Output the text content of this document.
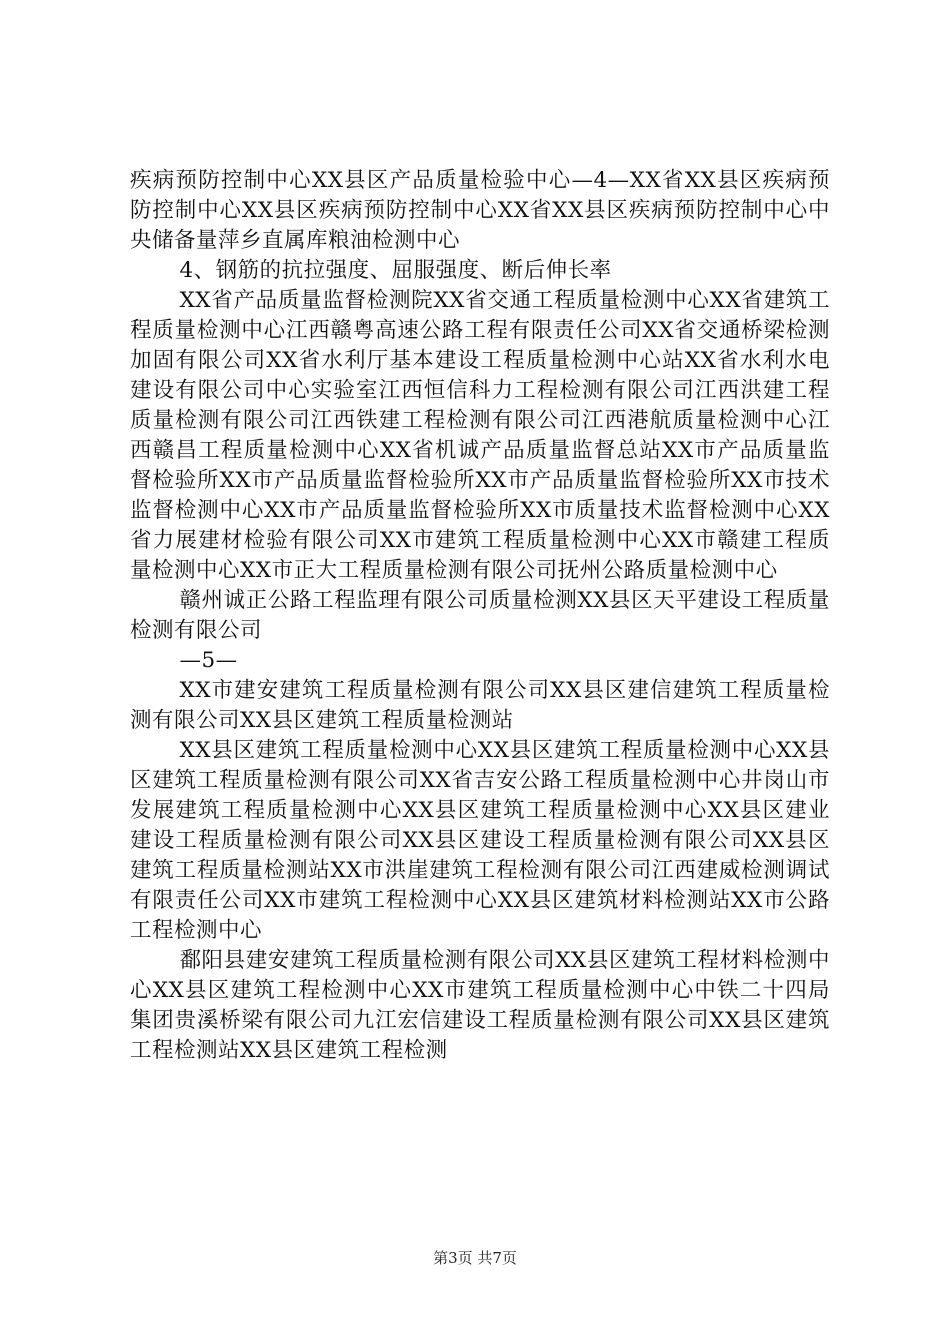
疾病预防控制中心XX县区产品质量检验中心—4—XX省XX县区疾病预防控制中心XX县区疾病预防控制中心XX省XX县区疾病预防控制中心中央储备量萍乡直属库粮油检测中心

4、钢筋的抗拉强度、屈服强度、断后伸长率

XX省产品质量监督检测院XX省交通工程质量检测中心XX省建筑工程质量检测中心江西赣粤高速公路工程有限责任公司XX省交通桥梁检测加固有限公司XX省水利厅基本建设工程质量检测中心站XX省水利水电建设有限公司中心实验室江西恒信科力工程检测有限公司江西洪建工程质量检测有限公司江西铁建工程检测有限公司江西港航质量检测中心江西赣昌工程质量检测中心XX省机诚产品质量监督总站XX市产品质量监督检验所XX市产品质量监督检验所XX市产品质量监督检验所XX市技术监督检测中心XX市产品质量监督检验所XX市质量技术监督检测中心XX省力展建材检验有限公司XX市建筑工程质量检测中心XX市赣建工程质量检测中心XX市正大工程质量检测有限公司抚州公路质量检测中心

赣州诚正公路工程监理有限公司质量检测XX县区天平建设工程质量检测有限公司

—5—

XX市建安建筑工程质量检测有限公司XX县区建信建筑工程质量检测有限公司XX县区建筑工程质量检测站

XX县区建筑工程质量检测中心XX县区建筑工程质量检测中心XX县区建筑工程质量检测有限公司XX省吉安公路工程质量检测中心井岗山市发展建筑工程质量检测中心XX县区建筑工程质量检测中心XX县区建业建设工程质量检测有限公司XX县区建设工程质量检测有限公司XX县区建筑工程质量检测站XX市洪崖建筑工程检测有限公司江西建威检测调试有限责任公司XX市建筑工程检测中心XX县区建筑材料检测站XX市公路工程检测中心

鄱阳县建安建筑工程质量检测有限公司XX县区建筑工程材料检测中心XX县区建筑工程检测中心XX市建筑工程质量检测中心中铁二十四局集团贵溪桥梁有限公司九江宏信建设工程质量检测有限公司XX县区建筑工程检测站XX县区建筑工程检测

第3页 共7页
